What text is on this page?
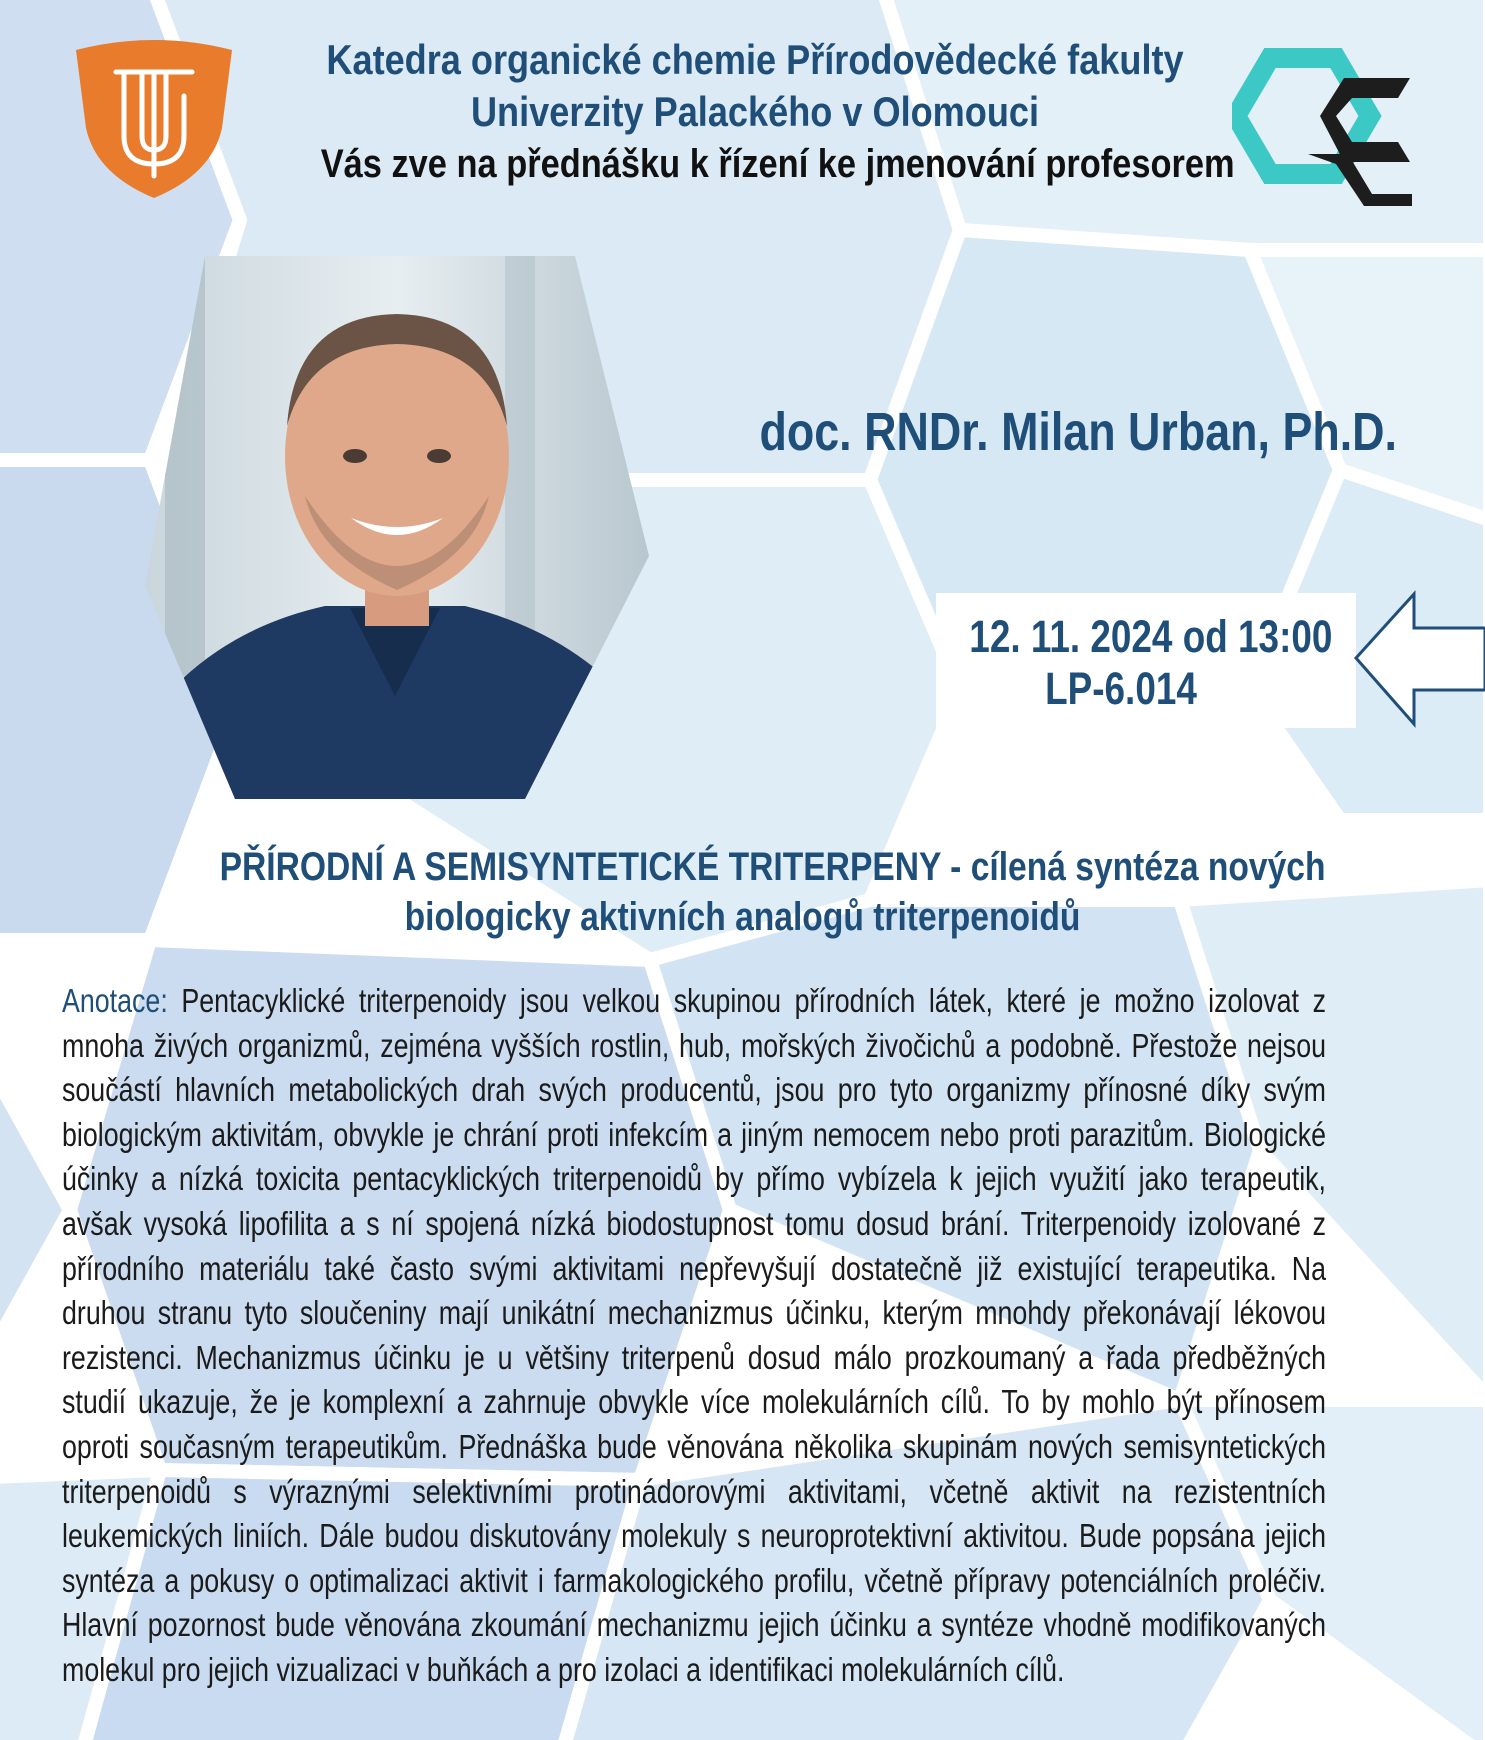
Katedra organické chemie Přírodovědecké fakulty
Univerzity Palackého v Olomouci
Vás zve na přednášku k řízení ke jmenování profesorem
doc. RNDr. Milan Urban, Ph.D.
12. 11. 2024 od 13:00
LP-6.014
PŘÍRODNÍ A SEMISYNTETICKÉ TRITERPENY - cílená syntéza nových
biologicky aktivních analogů triterpenoidů
Anotace: Pentacyklické triterpenoidy jsou velkou skupinou přírodních látek, které je možno izolovat z mnoha živých organizmů, zejména vyšších rostlin, hub, mořských živočichů a podobně. Přestože nejsou součástí hlavních metabolických drah svých producentů, jsou pro tyto organizmy přínosné díky svým biologickým aktivitám, obvykle je chrání proti infekcím a jiným nemocem nebo proti parazitům. Biologické účinky a nízká toxicita pentacyklických triterpenoidů by přímo vybízela k jejich využití jako terapeutik, avšak vysoká lipofilita a s ní spojená nízká biodostupnost tomu dosud brání. Triterpenoidy izolované z přírodního materiálu také často svými aktivitami nepřevyšují dostatečně již existující terapeutika. Na druhou stranu tyto sloučeniny mají unikátní mechanizmus účinku, kterým mnohdy překonávají lékovou rezistenci. Mechanizmus účinku je u většiny triterpenů dosud málo prozkoumaný a řada předběžných studií ukazuje, že je komplexní a zahrnuje obvykle více molekulárních cílů. To by mohlo být přínosem oproti současným terapeutikům. Přednáška bude věnována několika skupinám nových semisyntetických triterpenoidů s výraznými selektivními protinádorovými aktivitami, včetně aktivit na rezistentních leukemických liniích. Dále budou diskutovány molekuly s neuroprotektivní aktivitou. Bude popsána jejich syntéza a pokusy o optimalizaci aktivit i farmakologického profilu, včetně přípravy potenciálních proléčiv. Hlavní pozornost bude věnována zkoumání mechanizmu jejich účinku a syntéze vhodně modifikovaných molekul pro jejich vizualizaci v buňkách a pro izolaci a identifikaci molekulárních cílů.
